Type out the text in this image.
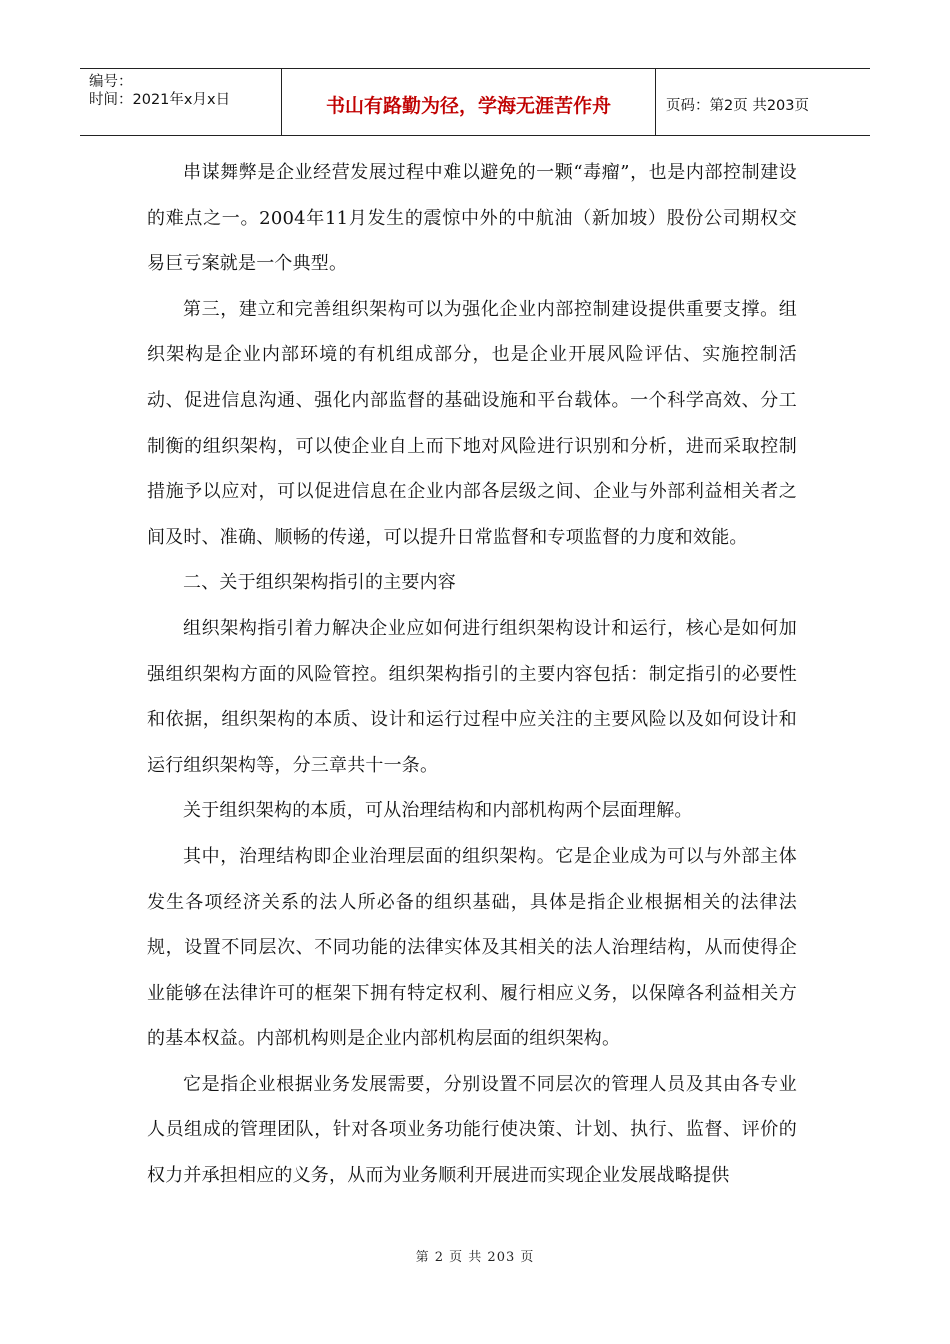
编号：
时间：2021年x月x日	书山有路勤为径，学海无涯苦作舟	页码：第2页 共203页

串谋舞弊是企业经营发展过程中难以避免的一颗“毒瘤”，也是内部控制建设的难点之一。2004年11月发生的震惊中外的中航油（新加坡）股份公司期权交易巨亏案就是一个典型。

第三，建立和完善组织架构可以为强化企业内部控制建设提供重要支撑。组织架构是企业内部环境的有机组成部分，也是企业开展风险评估、实施控制活动、促进信息沟通、强化内部监督的基础设施和平台载体。一个科学高效、分工制衡的组织架构，可以使企业自上而下地对风险进行识别和分析，进而采取控制措施予以应对，可以促进信息在企业内部各层级之间、企业与外部利益相关者之间及时、准确、顺畅的传递，可以提升日常监督和专项监督的力度和效能。

二、关于组织架构指引的主要内容

组织架构指引着力解决企业应如何进行组织架构设计和运行，核心是如何加强组织架构方面的风险管控。组织架构指引的主要内容包括：制定指引的必要性和依据，组织架构的本质、设计和运行过程中应关注的主要风险以及如何设计和运行组织架构等，分三章共十一条。

关于组织架构的本质，可从治理结构和内部机构两个层面理解。

其中，治理结构即企业治理层面的组织架构。它是企业成为可以与外部主体发生各项经济关系的法人所必备的组织基础，具体是指企业根据相关的法律法规，设置不同层次、不同功能的法律实体及其相关的法人治理结构，从而使得企业能够在法律许可的框架下拥有特定权利、履行相应义务，以保障各利益相关方的基本权益。内部机构则是企业内部机构层面的组织架构。

它是指企业根据业务发展需要，分别设置不同层次的管理人员及其由各专业人员组成的管理团队，针对各项业务功能行使决策、计划、执行、监督、评价的权力并承担相应的义务，从而为业务顺利开展进而实现企业发展战略提供

第 2 页 共 203 页
